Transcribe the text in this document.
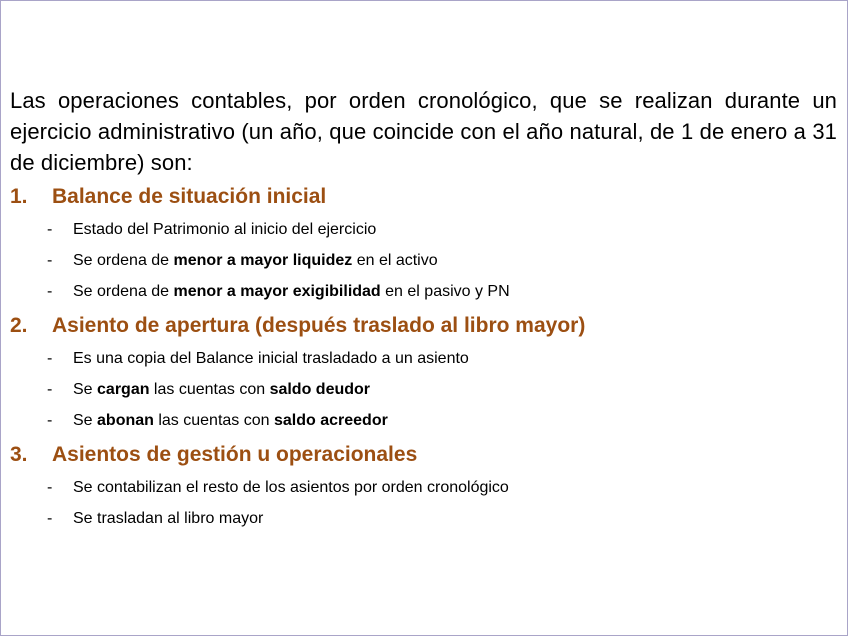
Las operaciones contables, por orden cronológico, que se realizan durante un ejercicio administrativo (un año, que coincide con el año natural, de 1 de enero a 31 de diciembre) son:
1. Balance de situación inicial
- Estado del Patrimonio al inicio del ejercicio
- Se ordena de menor a mayor liquidez en el activo
- Se ordena de menor a mayor exigibilidad en el pasivo y PN
2. Asiento de apertura (después traslado al libro mayor)
- Es una copia del Balance inicial trasladado a un asiento
- Se cargan las cuentas con saldo deudor
- Se abonan las cuentas con saldo acreedor
3. Asientos de gestión u operacionales
- Se contabilizan el resto de los asientos por orden cronológico
- Se trasladan al libro mayor
